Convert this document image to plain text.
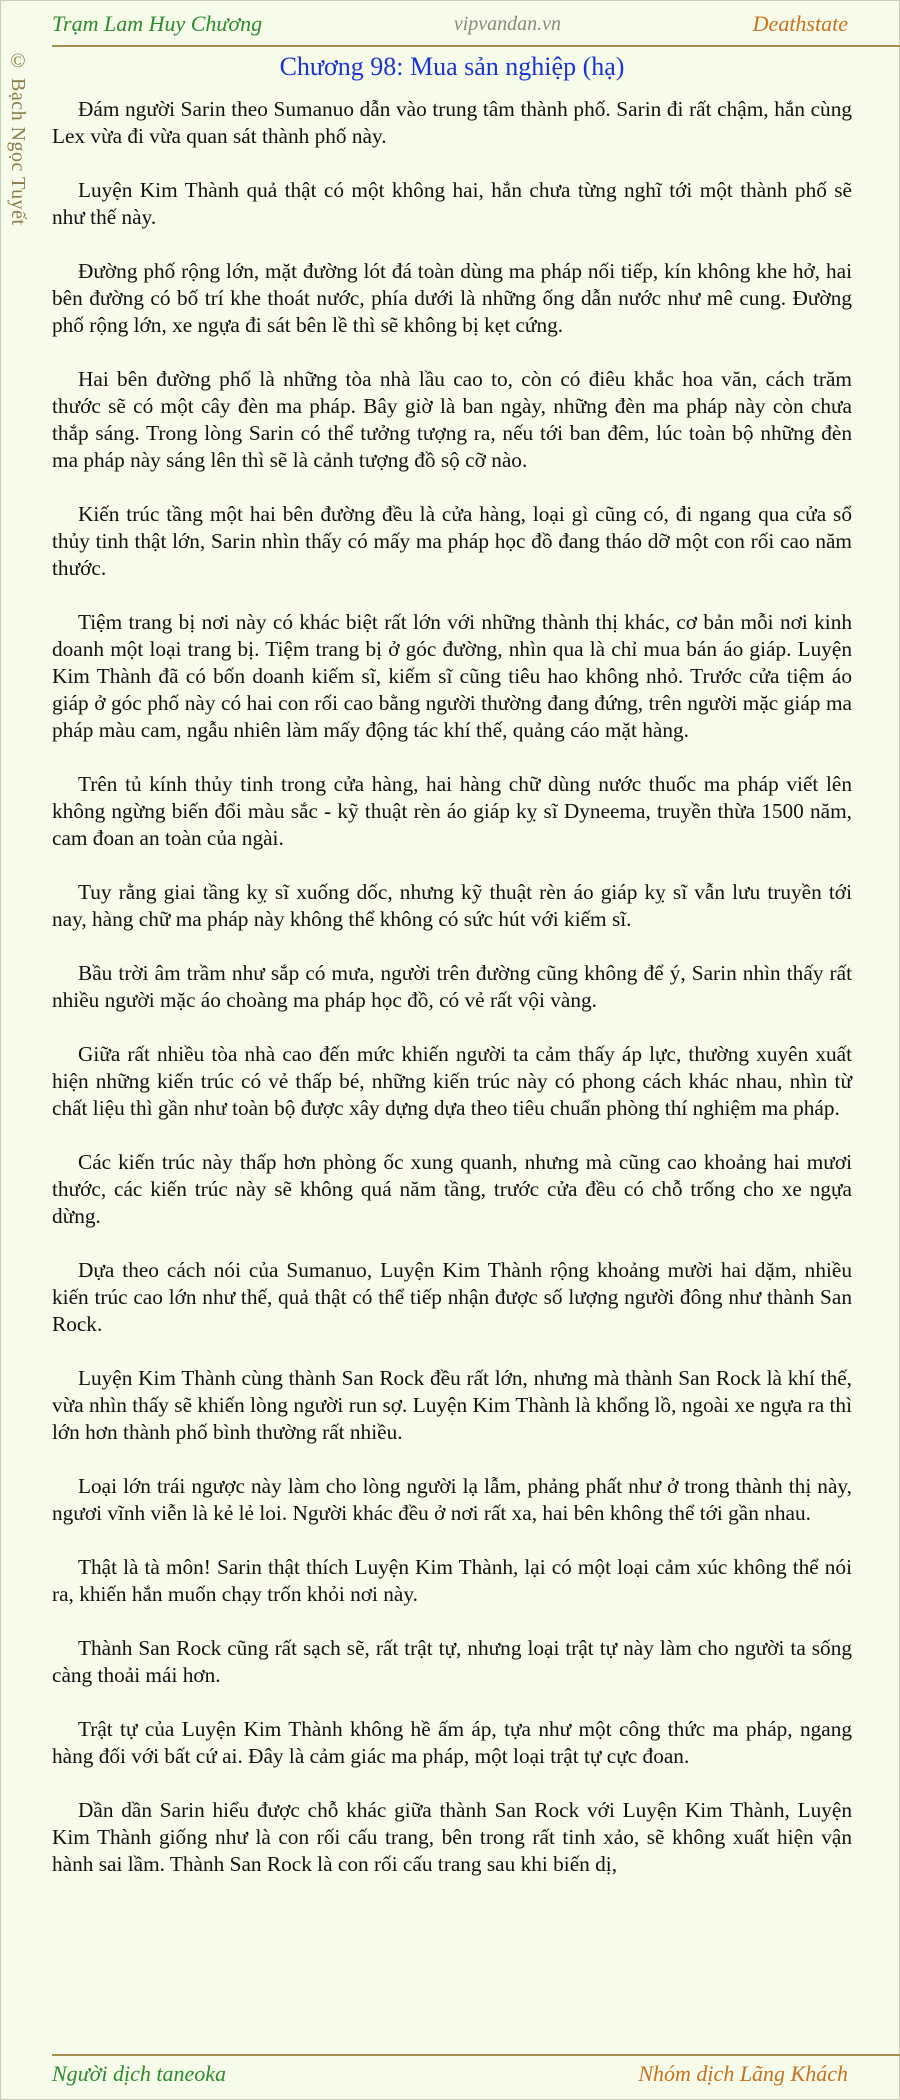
Trạm Lam Huy Chương	vipvandan.vn	Deathstate
© Bạch Ngọc Tuyết	Chương 98: Mua sản nghiệp (hạ)

Đám người Sarin theo Sumanuo dẫn vào trung tâm thành phố. Sarin đi rất chậm, hắn cùng Lex vừa đi vừa quan sát thành phố này.

Luyện Kim Thành quả thật có một không hai, hắn chưa từng nghĩ tới một thành phố sẽ như thế này.

Đường phố rộng lớn, mặt đường lót đá toàn dùng ma pháp nối tiếp, kín không khe hở, hai bên đường có bố trí khe thoát nước, phía dưới là những ống dẫn nước như mê cung. Đường phố rộng lớn, xe ngựa đi sát bên lề thì sẽ không bị kẹt cứng.

Hai bên đường phố là những tòa nhà lầu cao to, còn có điêu khắc hoa văn, cách trăm thước sẽ có một cây đèn ma pháp. Bây giờ là ban ngày, những đèn ma pháp này còn chưa thắp sáng. Trong lòng Sarin có thể tưởng tượng ra, nếu tới ban đêm, lúc toàn bộ những đèn ma pháp này sáng lên thì sẽ là cảnh tượng đồ sộ cỡ nào.

Kiến trúc tầng một hai bên đường đều là cửa hàng, loại gì cũng có, đi ngang qua cửa sổ thủy tinh thật lớn, Sarin nhìn thấy có mấy ma pháp học đồ đang tháo dỡ một con rối cao năm thước.

Tiệm trang bị nơi này có khác biệt rất lớn với những thành thị khác, cơ bản mỗi nơi kinh doanh một loại trang bị. Tiệm trang bị ở góc đường, nhìn qua là chỉ mua bán áo giáp. Luyện Kim Thành đã có bốn doanh kiếm sĩ, kiếm sĩ cũng tiêu hao không nhỏ. Trước cửa tiệm áo giáp ở góc phố này có hai con rối cao bằng người thường đang đứng, trên người mặc giáp ma pháp màu cam, ngẫu nhiên làm mấy động tác khí thế, quảng cáo mặt hàng.

Trên tủ kính thủy tinh trong cửa hàng, hai hàng chữ dùng nước thuốc ma pháp viết lên không ngừng biến đổi màu sắc - kỹ thuật rèn áo giáp kỵ sĩ Dyneema, truyền thừa 1500 năm, cam đoan an toàn của ngài.

Tuy rằng giai tầng kỵ sĩ xuống dốc, nhưng kỹ thuật rèn áo giáp kỵ sĩ vẫn lưu truyền tới nay, hàng chữ ma pháp này không thể không có sức hút với kiếm sĩ.

Bầu trời âm trầm như sắp có mưa, người trên đường cũng không để ý, Sarin nhìn thấy rất nhiều người mặc áo choàng ma pháp học đồ, có vẻ rất vội vàng.

Giữa rất nhiều tòa nhà cao đến mức khiến người ta cảm thấy áp lực, thường xuyên xuất hiện những kiến trúc có vẻ thấp bé, những kiến trúc này có phong cách khác nhau, nhìn từ chất liệu thì gần như toàn bộ được xây dựng dựa theo tiêu chuẩn phòng thí nghiệm ma pháp.

Các kiến trúc này thấp hơn phòng ốc xung quanh, nhưng mà cũng cao khoảng hai mươi thước, các kiến trúc này sẽ không quá năm tầng, trước cửa đều có chỗ trống cho xe ngựa dừng.

Dựa theo cách nói của Sumanuo, Luyện Kim Thành rộng khoảng mười hai dặm, nhiều kiến trúc cao lớn như thế, quả thật có thể tiếp nhận được số lượng người đông như thành San Rock.

Luyện Kim Thành cùng thành San Rock đều rất lớn, nhưng mà thành San Rock là khí thế, vừa nhìn thấy sẽ khiến lòng người run sợ. Luyện Kim Thành là khổng lồ, ngoài xe ngựa ra thì lớn hơn thành phố bình thường rất nhiều.

Loại lớn trái ngược này làm cho lòng người lạ lẫm, phảng phất như ở trong thành thị này, ngươi vĩnh viễn là kẻ lẻ loi. Người khác đều ở nơi rất xa, hai bên không thể tới gần nhau.

Thật là tà môn! Sarin thật thích Luyện Kim Thành, lại có một loại cảm xúc không thể nói ra, khiến hắn muốn chạy trốn khỏi nơi này.

Thành San Rock cũng rất sạch sẽ, rất trật tự, nhưng loại trật tự này làm cho người ta sống càng thoải mái hơn.

Trật tự của Luyện Kim Thành không hề ấm áp, tựa như một công thức ma pháp, ngang hàng đối với bất cứ ai. Đây là cảm giác ma pháp, một loại trật tự cực đoan.

Dần dần Sarin hiểu được chỗ khác giữa thành San Rock với Luyện Kim Thành, Luyện Kim Thành giống như là con rối cấu trang, bên trong rất tinh xảo, sẽ không xuất hiện vận hành sai lầm. Thành San Rock là con rối cấu trang sau khi biến dị,

Người dịch taneoka	Nhóm dịch Lãng Khách
